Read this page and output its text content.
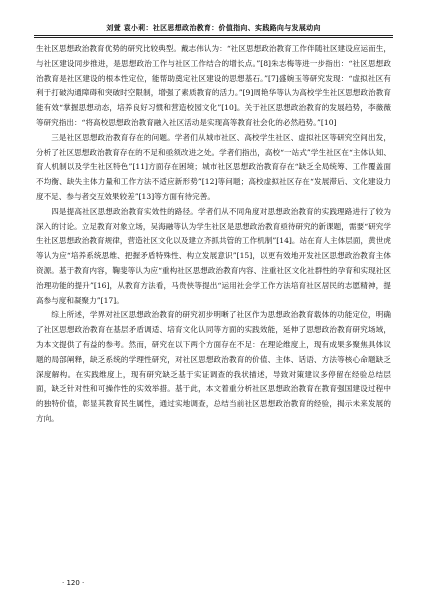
刘萱 袁小莉：社区思想政治教育：价值指向、实践路向与发展动向

生社区思想政治教育优势的研究比较典型。戴志伟认为：“社区思想政治教育工作伴随社区建设应运而生，与社区建设同步推进，是思想政治工作与社区工作结合的增长点。”[8]朱志梅等进一步指出：“社区思想政治教育是社区建设的根本性定位，能帮助奠定社区建设的思想基石。”[7]盛婉玉等研究发现：“虚拟社区有利于打破沟通障碍和突破时空限制，增强了素质教育的活力。”[9]周艳华等认为高校学生社区思想政治教育能有效“掌握思想动态，培养良好习惯和营造校园文化”[10]。关于社区思想政治教育的发展趋势，李薇薇等研究指出：“将高校思想政治教育融入社区活动是实现高等教育社会化的必然趋势。”[10]

三是社区思想政治教育存在的问题。学者们从城市社区、高校学生社区、虚拟社区等研究空间出发，分析了社区思想政治教育存在的不足和亟须改进之处。学者们指出，高校“一站式”学生社区在“主体认知、育人机制以及学生社区特色”[11]方面存在困境；城市社区思想政治教育存在“缺乏全局统筹、工作覆盖面不均衡、缺失主体力量和工作方法不适应新形势”[12]等问题；高校虚拟社区存在“发展滞后、文化建设力度不足、参与者交互效果较差”[13]等方面有待完善。

四是提高社区思想政治教育实效性的路径。学者们从不同角度对思想政治教育的实践理路进行了较为深入的讨论。立足教育对象立场，吴海融等认为学生社区是思想政治教育亟待研究的新课题，需要“研究学生社区思想政治教育规律，营造社区文化以及建立齐抓共管的工作机制”[14]。站在育人主体层面，黄世虎等认为应“培养系统思维、把握矛盾特殊性、构立发展意识”[15]，以更有效地开发社区思想政治教育主体资源。基于教育内容，鞠斐等认为应“重构社区思想政治教育内容、注重社区文化社群性的孕育和实现社区治理功能的提升”[16]，从教育方法看，马贵侠等提出“运用社会学工作方法培育社区居民的志愿精神，提高参与度和凝聚力”[17]。

综上所述，学界对社区思想政治教育的研究初步明晰了社区作为思想政治教育载体的功能定位，明确了社区思想政治教育在基层矛盾调适、培育文化认同等方面的实践效能，延伸了思想政治教育研究场域，为本文提供了有益的参考。然而，研究在以下两个方面存在不足：在理论维度上，现有成果多聚焦具体议题的局部阐释，缺乏系统的学理性研究，对社区思想政治教育的价值、主体、话语、方法等核心命题缺乏深度解构。在实践维度上，现有研究缺乏基于实证调查的我状描述，导致对策建议多停留在经验总结层面，缺乏针对性和可操作性的实效举措。基于此，本文着重分析社区思想政治教育在教育强国建设过程中的独特价值，彰显其教育民生属性，通过实地调查，总结当前社区思想政治教育的经验，揭示未来发展的方向。

· 120 ·
